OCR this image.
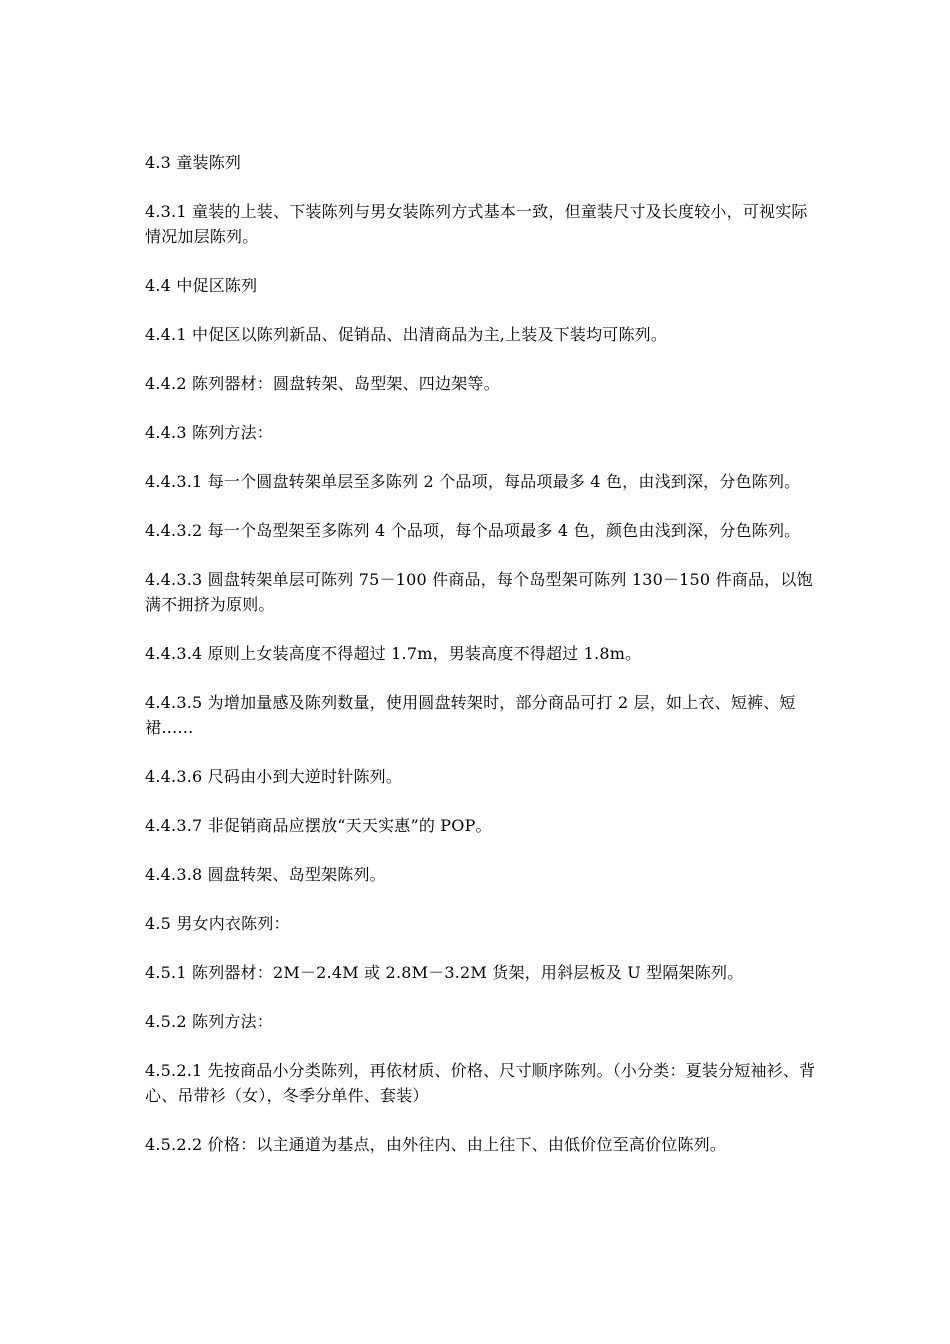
4.3 童装陈列

4.3.1 童装的上装、下装陈列与男女装陈列方式基本一致，但童装尺寸及长度较小，可视实际情况加层陈列。

4.4 中促区陈列

4.4.1 中促区以陈列新品、促销品、出清商品为主,上装及下装均可陈列。

4.4.2 陈列器材：圆盘转架、岛型架、四边架等。

4.4.3 陈列方法：

4.4.3.1 每一个圆盘转架单层至多陈列 2 个品项，每品项最多 4 色，由浅到深，分色陈列。

4.4.3.2 每一个岛型架至多陈列 4 个品项，每个品项最多 4 色，颜色由浅到深，分色陈列。

4.4.3.3 圆盘转架单层可陈列 75－100 件商品，每个岛型架可陈列 130－150 件商品，以饱满不拥挤为原则。

4.4.3.4 原则上女装高度不得超过 1.7m，男装高度不得超过 1.8m。

4.4.3.5 为增加量感及陈列数量，使用圆盘转架时，部分商品可打 2 层，如上衣、短裤、短裙……

4.4.3.6 尺码由小到大逆时针陈列。

4.4.3.7 非促销商品应摆放“天天实惠”的 POP。

4.4.3.8 圆盘转架、岛型架陈列。

4.5 男女内衣陈列：

4.5.1 陈列器材：2M－2.4M 或 2.8M－3.2M 货架，用斜层板及 U 型隔架陈列。

4.5.2 陈列方法：

4.5.2.1 先按商品小分类陈列，再依材质、价格、尺寸顺序陈列。（小分类：夏装分短袖衫、背心、吊带衫（女），冬季分单件、套装）

4.5.2.2 价格：以主通道为基点，由外往内、由上往下、由低价位至高价位陈列。
